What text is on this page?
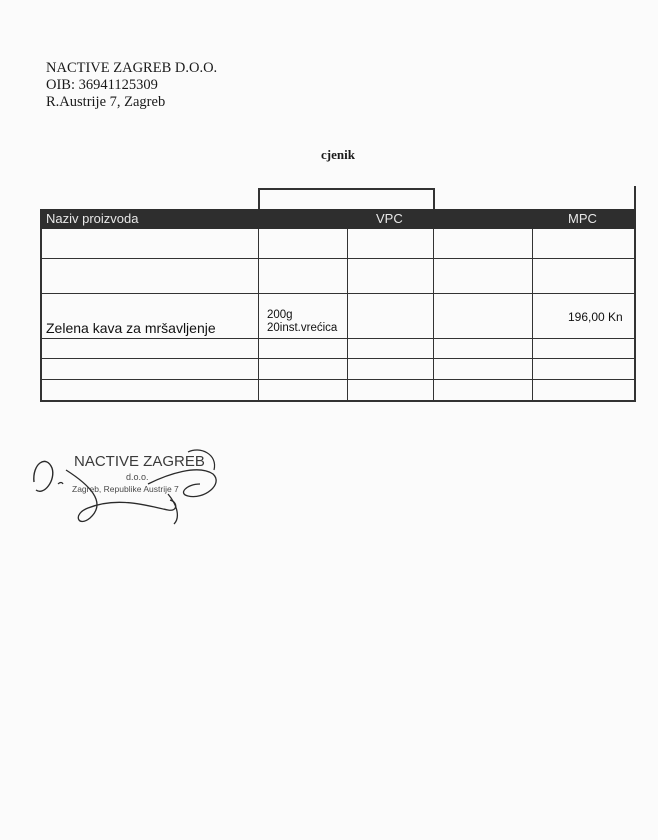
NACTIVE ZAGREB D.O.O.
OIB: 36941125309
R.Austrije 7, Zagreb
cjenik
Naziv proizvoda	VPC	MPC
Zelena kava za mršavljenje
200g
20inst.vrećica
196,00 Kn
NACTIVE ZAGREB
d.o.o.
Zagreb, Republike Austrije 7
